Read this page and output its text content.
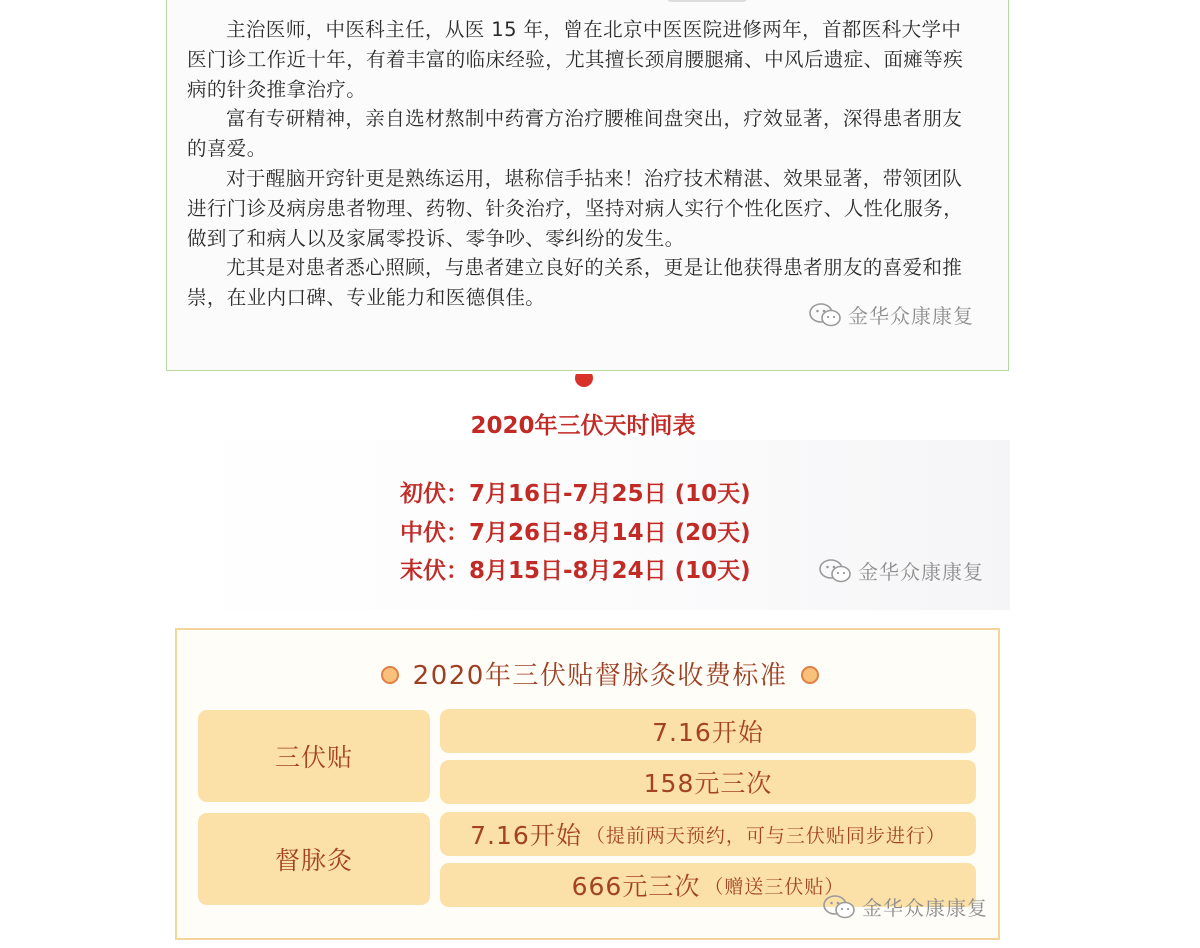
主治医师，中医科主任，从医 15 年，曾在北京中医医院进修两年，首都医科大学中医门诊工作近十年，有着丰富的临床经验，尤其擅长颈肩腰腿痛、中风后遗症、面瘫等疾病的针灸推拿治疗。

富有专研精神，亲自选材熬制中药膏方治疗腰椎间盘突出，疗效显著，深得患者朋友的喜爱。

对于醒脑开窍针更是熟练运用，堪称信手拈来！治疗技术精湛、效果显著，带领团队进行门诊及病房患者物理、药物、针灸治疗，坚持对病人实行个性化医疗、人性化服务，做到了和病人以及家属零投诉、零争吵、零纠纷的发生。

尤其是对患者悉心照顾，与患者建立良好的关系，更是让他获得患者朋友的喜爱和推崇，在业内口碑、专业能力和医德俱佳。

金华众康康复
2020年三伏天时间表
初伏：7月16日-7月25日 (10天)
中伏：7月26日-8月14日 (20天)
末伏：8月15日-8月24日 (10天)	金华众康康复
2020年三伏贴督脉灸收费标准
三伏贴
7.16开始
158元三次
督脉灸
7.16开始 （提前两天预约，可与三伏贴同步进行）
666元三次 （赠送三伏贴）
金华众康康复
